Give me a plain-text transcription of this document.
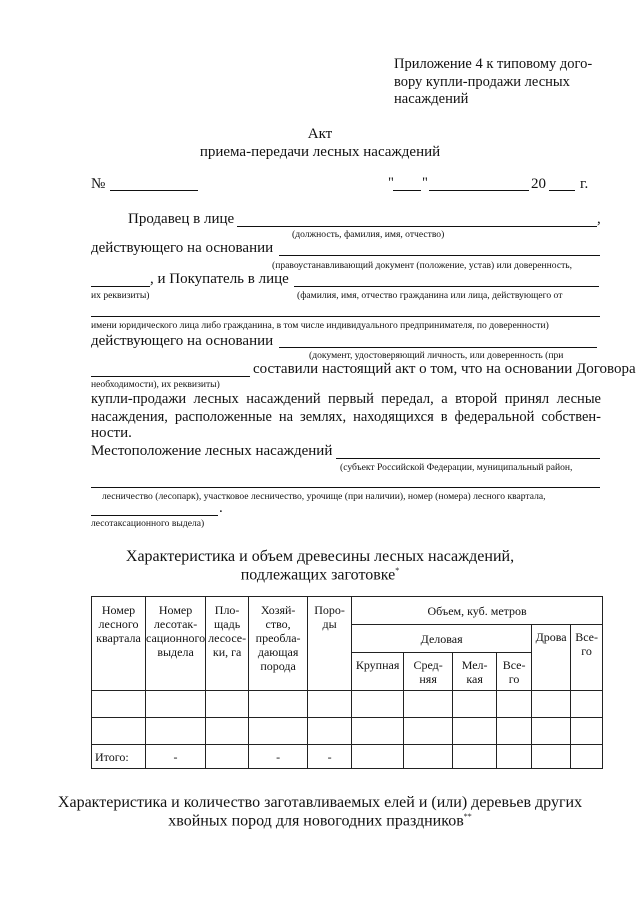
Приложение 4 к типовому дого-
вору купли-продажи лесных
насаждений
Акт
приема-передачи лесных насаждений
№	" "	20 г.
Продавец в лице	,
(должность, фамилия, имя, отчество)
действующего на основании
(правоустанавливающий документ (положение, устав) или доверенность,
, и Покупатель в лице
их реквизиты)	(фамилия, имя, отчество гражданина или лица, действующего от
имени юридического лица либо гражданина, в том числе индивидуального предпринимателя, по доверенности)
действующего на основании
(документ, удостоверяющий личность, или доверенность (при
составили настоящий акт о том, что на основании Договора
необходимости), их реквизиты)
купли-продажи лесных насаждений первый передал, а второй принял лесные
насаждения, расположенные на землях, находящихся в федеральной собствен-
ности.
Местоположение лесных насаждений
(субъект Российской Федерации, муниципальный район,
лесничество (лесопарк), участковое лесничество, урочище (при наличии), номер (номера) лесного квартала,
.
лесотаксационного выдела)
Характеристика и объем древесины лесных насаждений,
подлежащих заготовке*
Номер лесного квартала	Номер лесотак- сационного выдела	Пло- щадь лесосе- ки, га	Хозяй- ство, преобла- дающая порода	Поро- ды	Объем, куб. метров					
					Деловая				Дрова	Все- го
					Крупная	Сред- няя	Мел- кая	Все- го		

Итого:	-		-	-						
Характеристика и количество заготавливаемых елей и (или) деревьев других
хвойных пород для новогодних праздников**
